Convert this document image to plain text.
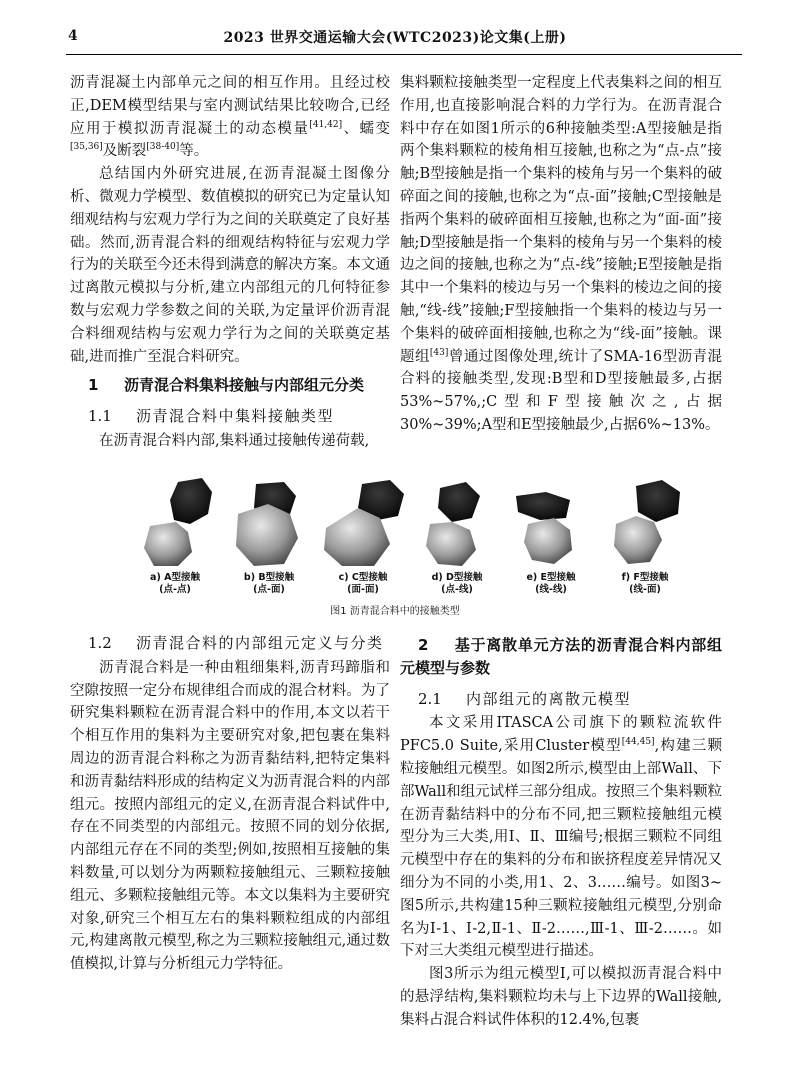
4	2023 世界交通运输大会(WTC2023)论文集(上册)

沥青混凝土内部单元之间的相互作用。且经过校正,DEM模型结果与室内测试结果比较吻合,已经应用于模拟沥青混凝土的动态模量[41,42]、蠕变[35,36]及断裂[38-40]等。

总结国内外研究进展,在沥青混凝土图像分析、微观力学模型、数值模拟的研究已为定量认知细观结构与宏观力学行为之间的关联奠定了良好基础。然而,沥青混合料的细观结构特征与宏观力学行为的关联至今还未得到满意的解决方案。本文通过离散元模拟与分析,建立内部组元的几何特征参数与宏观力学参数之间的关联,为定量评价沥青混合料细观结构与宏观力学行为之间的关联奠定基础,进而推广至混合料研究。

1 沥青混合料集料接触与内部组元分类

1.1 沥青混合料中集料接触类型

在沥青混合料内部,集料通过接触传递荷载,

集料颗粒接触类型一定程度上代表集料之间的相互作用,也直接影响混合料的力学行为。在沥青混合料中存在如图1所示的6种接触类型:A型接触是指两个集料颗粒的棱角相互接触,也称之为“点-点”接触;B型接触是指一个集料的棱角与另一个集料的破碎面之间的接触,也称之为“点-面”接触;C型接触是指两个集料的破碎面相互接触,也称之为“面-面”接触;D型接触是指一个集料的棱角与另一个集料的棱边之间的接触,也称之为“点-线”接触;E型接触是指其中一个集料的棱边与另一个集料的棱边之间的接触,“线-线”接触;F型接触指一个集料的棱边与另一个集料的破碎面相接触,也称之为“线-面”接触。课题组[43]曾通过图像处理,统计了SMA-16型沥青混合料的接触类型,发现:B型和D型接触最多,占据53%~57%,;C型和F型接触次之,占据30%~39%;A型和E型接触最少,占据6%~13%。

a) A型接触
(点-点)
b) B型接触
(点-面)
c) C型接触
(面-面)
d) D型接触
(点-线)
e) E型接触
(线-线)
f) F型接触
(线-面)
图1 沥青混合料中的接触类型

1.2 沥青混合料的内部组元定义与分类

沥青混合料是一种由粗细集料,沥青玛蹄脂和空隙按照一定分布规律组合而成的混合材料。为了研究集料颗粒在沥青混合料中的作用,本文以若干个相互作用的集料为主要研究对象,把包裹在集料周边的沥青混合料称之为沥青黏结料,把特定集料和沥青黏结料形成的结构定义为沥青混合料的内部组元。按照内部组元的定义,在沥青混合料试件中,存在不同类型的内部组元。按照不同的划分依据,内部组元存在不同的类型;例如,按照相互接触的集料数量,可以划分为两颗粒接触组元、三颗粒接触组元、多颗粒接触组元等。本文以集料为主要研究对象,研究三个相互左右的集料颗粒组成的内部组元,构建离散元模型,称之为三颗粒接触组元,通过数值模拟,计算与分析组元力学特征。

2 基于离散单元方法的沥青混合料内部组元模型与参数

2.1 内部组元的离散元模型

本文采用ITASCA公司旗下的颗粒流软件PFC5.0 Suite,采用Cluster模型[44,45],构建三颗粒接触组元模型。如图2所示,模型由上部Wall、下部Wall和组元试样三部分组成。按照三个集料颗粒在沥青黏结料中的分布不同,把三颗粒接触组元模型分为三大类,用Ⅰ、Ⅱ、Ⅲ编号;根据三颗粒不同组元模型中存在的集料的分布和嵌挤程度差异情况又细分为不同的小类,用1、2、3……编号。如图3~图5所示,共构建15种三颗粒接触组元模型,分别命名为Ⅰ-1、Ⅰ-2,Ⅱ-1、Ⅱ-2……,Ⅲ-1、Ⅲ-2……。如下对三大类组元模型进行描述。

图3所示为组元模型Ⅰ,可以模拟沥青混合料中的悬浮结构,集料颗粒均未与上下边界的Wall接触,集料占混合料试件体积的12.4%,包裹
